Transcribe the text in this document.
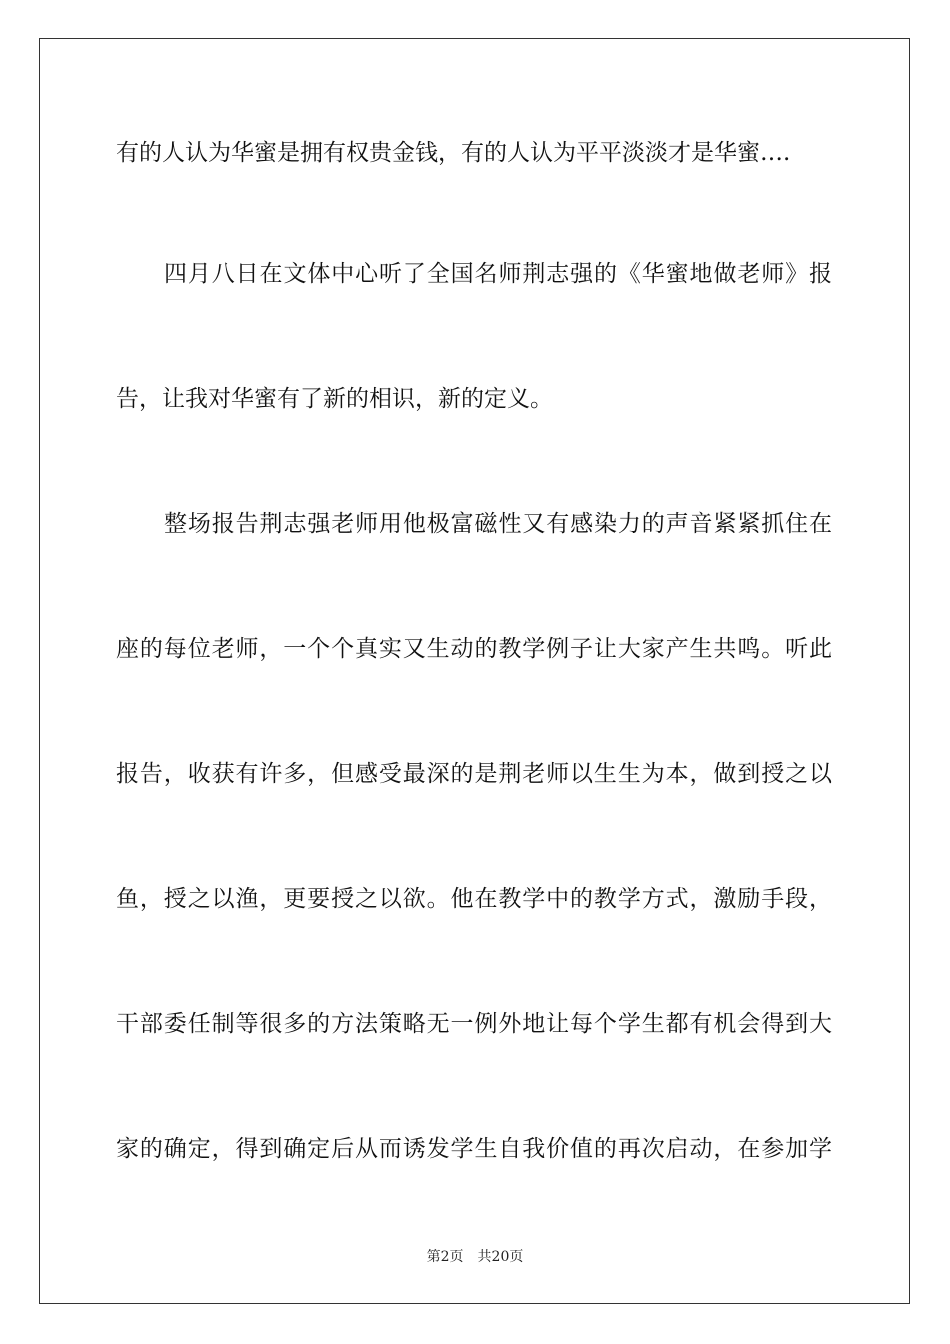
有的人认为华蜜是拥有权贵金钱，有的人认为平平淡淡才是华蜜….
四月八日在文体中心听了全国名师荆志强的《华蜜地做老师》报
告，让我对华蜜有了新的相识，新的定义。
整场报告荆志强老师用他极富磁性又有感染力的声音紧紧抓住在
座的每位老师，一个个真实又生动的教学例子让大家产生共鸣。听此
报告，收获有许多，但感受最深的是荆老师以生生为本，做到授之以
鱼，授之以渔，更要授之以欲。他在教学中的教学方式，激励手段，
干部委任制等很多的方法策略无一例外地让每个学生都有机会得到大
家的确定，得到确定后从而诱发学生自我价值的再次启动，在参加学
第2页 共20页
